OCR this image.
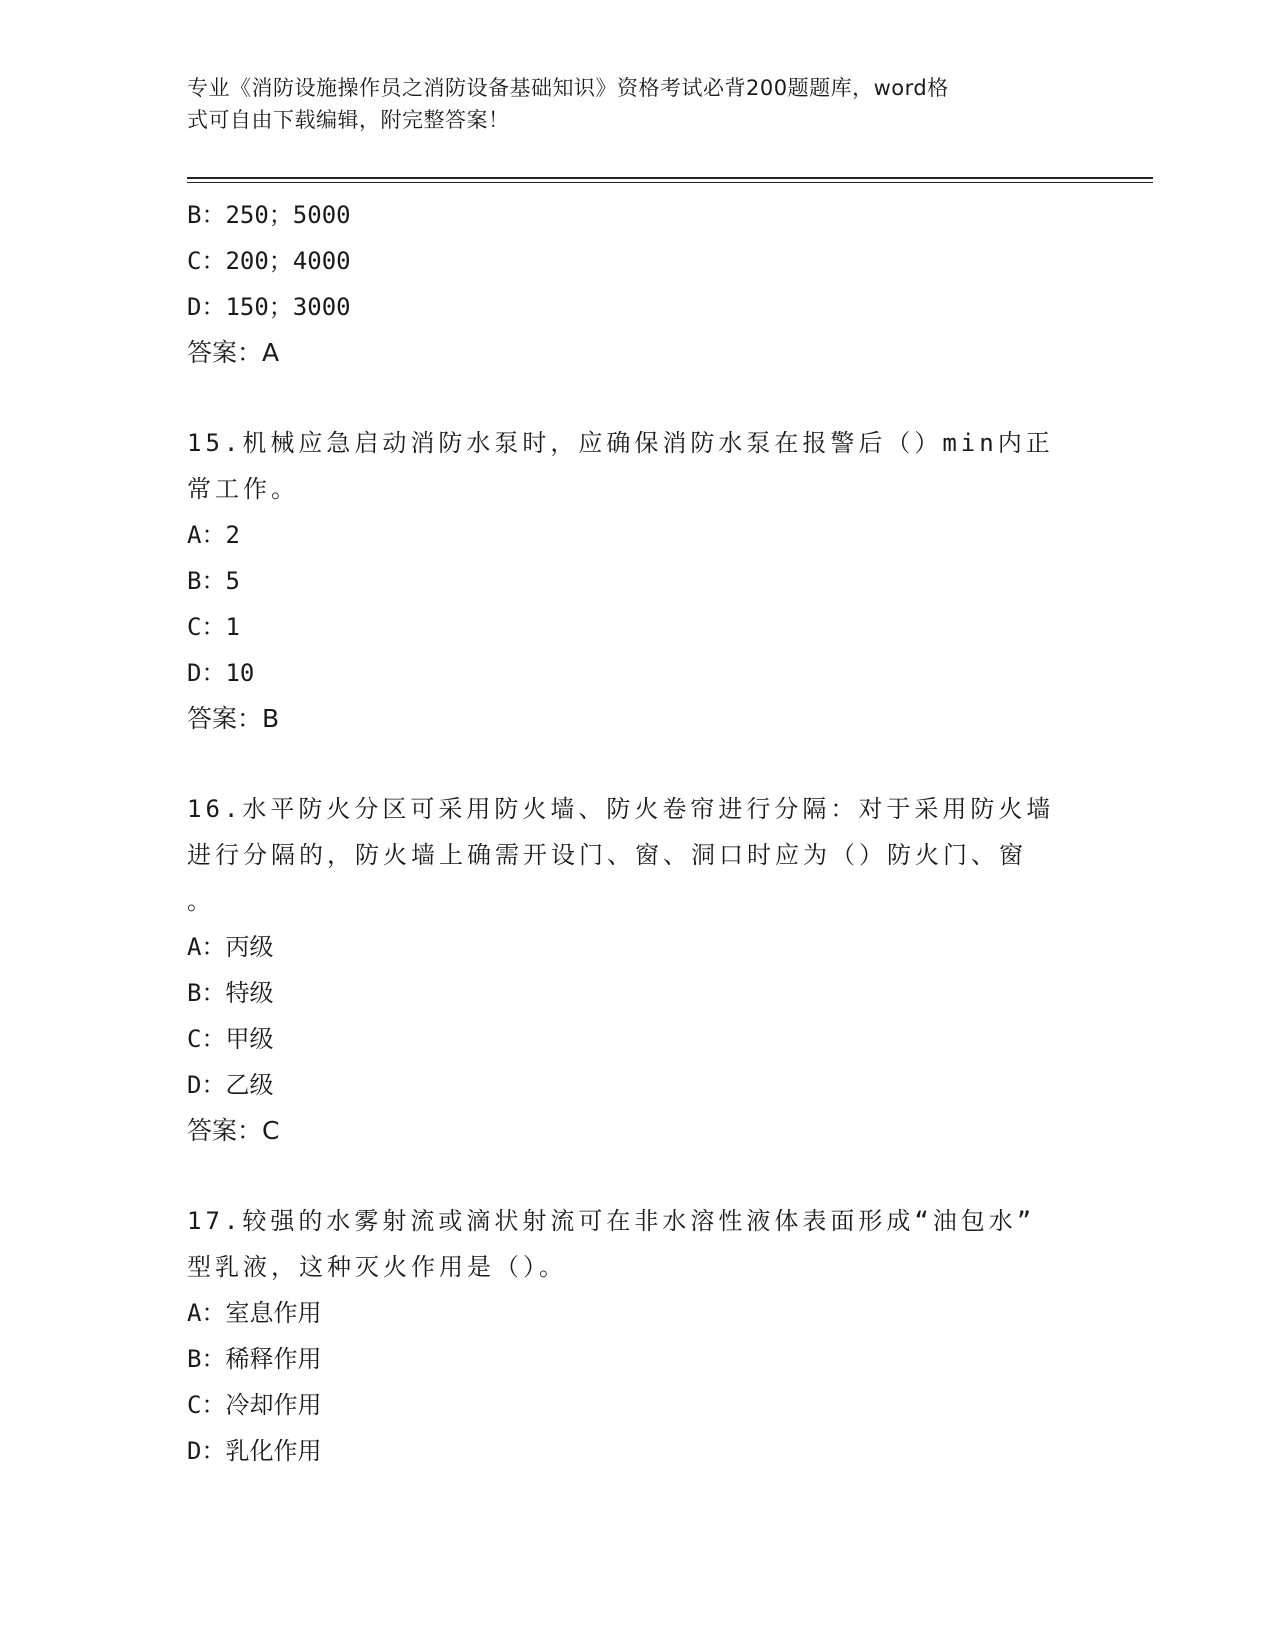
专业《消防设施操作员之消防设备基础知识》资格考试必背200题题库，word格
式可自由下载编辑，附完整答案！
B：250；5000
C：200；4000
D：150；3000
答案：A
15.机械应急启动消防水泵时，应确保消防水泵在报警后（）min内正
常工作。
A：2
B：5
C：1
D：10
答案：B
16.水平防火分区可采用防火墙、防火卷帘进行分隔：对于采用防火墙
进行分隔的，防火墙上确需开设门、窗、洞口时应为（）防火门、窗
。
A：丙级
B：特级
C：甲级
D：乙级
答案：C
17.较强的水雾射流或滴状射流可在非水溶性液体表面形成“油包水”
型乳液，这种灭火作用是（）。
A：室息作用
B：稀释作用
C：冷却作用
D：乳化作用
